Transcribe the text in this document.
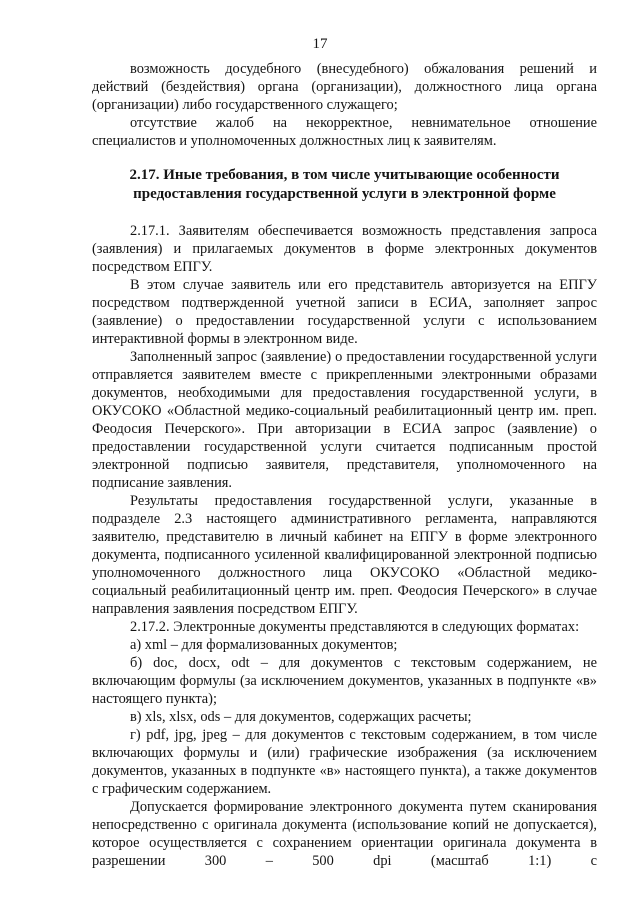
17

возможность досудебного (внесудебного) обжалования решений и действий (бездействия) органа (организации), должностного лица органа (организации) либо государственного служащего;

отсутствие жалоб на некорректное, невнимательное отношение специалистов и уполномоченных должностных лиц к заявителям.

2.17. Иные требования, в том числе учитывающие особенности
предоставления государственной услуги в электронной форме

2.17.1. Заявителям обеспечивается возможность представления запроса (заявления) и прилагаемых документов в форме электронных документов посредством ЕПГУ.

В этом случае заявитель или его представитель авторизуется на ЕПГУ посредством подтвержденной учетной записи в ЕСИА, заполняет запрос (заявление) о предоставлении государственной услуги с использованием интерактивной формы в электронном виде.

Заполненный запрос (заявление) о предоставлении государственной услуги отправляется заявителем вместе с прикрепленными электронными образами документов, необходимыми для предоставления государственной услуги, в ОКУСОКО «Областной медико-социальный реабилитационный центр им. преп. Феодосия Печерского». При авторизации в ЕСИА запрос (заявление) о предоставлении государственной услуги считается подписанным простой электронной подписью заявителя, представителя, уполномоченного на подписание заявления.

Результаты предоставления государственной услуги, указанные в подразделе 2.3 настоящего административного регламента, направляются заявителю, представителю в личный кабинет на ЕПГУ в форме электронного документа, подписанного усиленной квалифицированной электронной подписью уполномоченного должностного лица ОКУСОКО «Областной медико-социальный реабилитационный центр им. преп. Феодосия Печерского» в случае направления заявления посредством ЕПГУ.

2.17.2. Электронные документы представляются в следующих форматах:

а) xml – для формализованных документов;

б) doc, docx, odt – для документов с текстовым содержанием, не включающим формулы (за исключением документов, указанных в подпункте «в» настоящего пункта);

в) xls, xlsx, ods – для документов, содержащих расчеты;

г) pdf, jpg, jpeg – для документов с текстовым содержанием, в том числе включающих формулы и (или) графические изображения (за исключением документов, указанных в подпункте «в» настоящего пункта), а также документов с графическим содержанием.

Допускается формирование электронного документа путем сканирования непосредственно с оригинала документа (использование копий не допускается), которое осуществляется с сохранением ориентации оригинала документа в разрешении 300 – 500 dpi (масштаб 1:1) с
